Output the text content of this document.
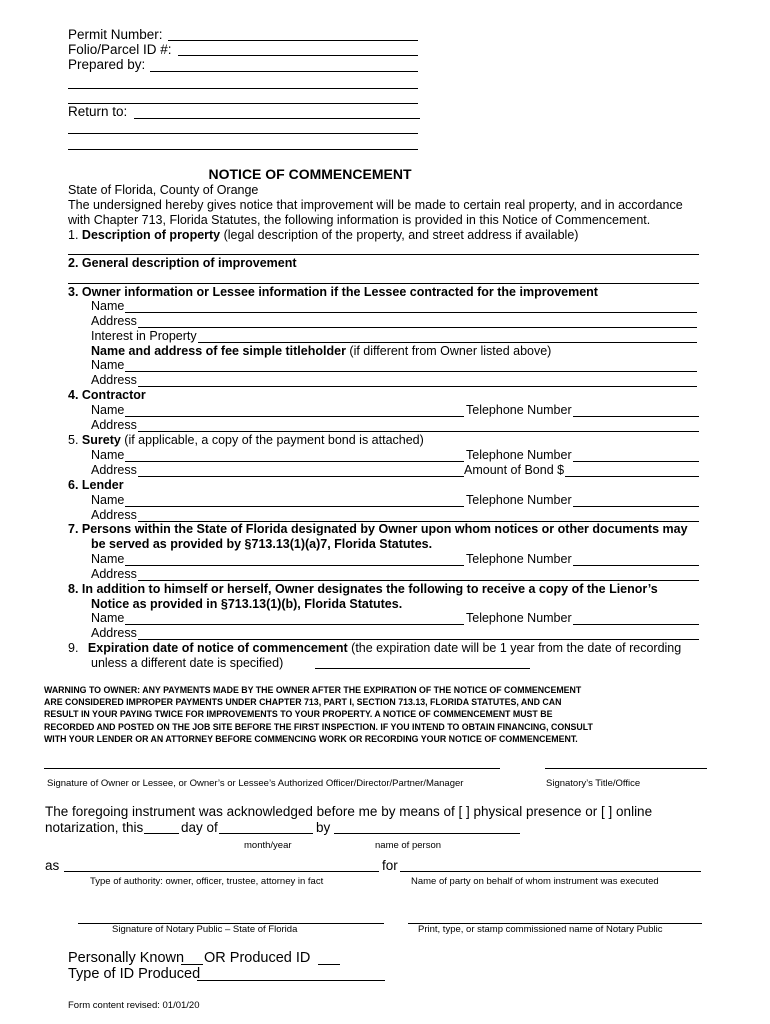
Permit Number:
Folio/Parcel ID #:
Prepared by:
Return to:
NOTICE OF COMMENCEMENT
State of Florida, County of Orange
The undersigned hereby gives notice that improvement will be made to certain real property, and in accordance
with Chapter 713, Florida Statutes, the following information is provided in this Notice of Commencement.
1. Description of property (legal description of the property, and street address if available)
2. General description of improvement
3. Owner information or Lessee information if the Lessee contracted for the improvement
Name
Address
Interest in Property
Name and address of fee simple titleholder (if different from Owner listed above)
Name
Address
4. Contractor
Name	Telephone Number
Address
5. Surety (if applicable, a copy of the payment bond is attached)
Name	Telephone Number
Address	Amount of Bond $
6. Lender
Name	Telephone Number
Address
7. Persons within the State of Florida designated by Owner upon whom notices or other documents may
be served as provided by §713.13(1)(a)7, Florida Statutes.
Name	Telephone Number
Address
8. In addition to himself or herself, Owner designates the following to receive a copy of the Lienor’s
Notice as provided in §713.13(1)(b), Florida Statutes.
Name	Telephone Number
Address
9. Expiration date of notice of commencement (the expiration date will be 1 year from the date of recording
unless a different date is specified)
WARNING TO OWNER: ANY PAYMENTS MADE BY THE OWNER AFTER THE EXPIRATION OF THE NOTICE OF COMMENCEMENT
ARE CONSIDERED IMPROPER PAYMENTS UNDER CHAPTER 713, PART I, SECTION 713.13, FLORIDA STATUTES, AND CAN
RESULT IN YOUR PAYING TWICE FOR IMPROVEMENTS TO YOUR PROPERTY. A NOTICE OF COMMENCEMENT MUST BE
RECORDED AND POSTED ON THE JOB SITE BEFORE THE FIRST INSPECTION. IF YOU INTEND TO OBTAIN FINANCING, CONSULT
WITH YOUR LENDER OR AN ATTORNEY BEFORE COMMENCING WORK OR RECORDING YOUR NOTICE OF COMMENCEMENT.
Signature of Owner or Lessee, or Owner’s or Lessee’s Authorized Officer/Director/Partner/Manager	Signatory’s Title/Office
The foregoing instrument was acknowledged before me by means of [ ] physical presence or [ ] online
notarization, this	day of	by
month/year	name of person
as	for
Type of authority: owner, officer, trustee, attorney in fact	Name of party on behalf of whom instrument was executed
Signature of Notary Public – State of Florida	Print, type, or stamp commissioned name of Notary Public
Personally Known OR Produced ID
Type of ID Produced
Form content revised: 01/01/20
